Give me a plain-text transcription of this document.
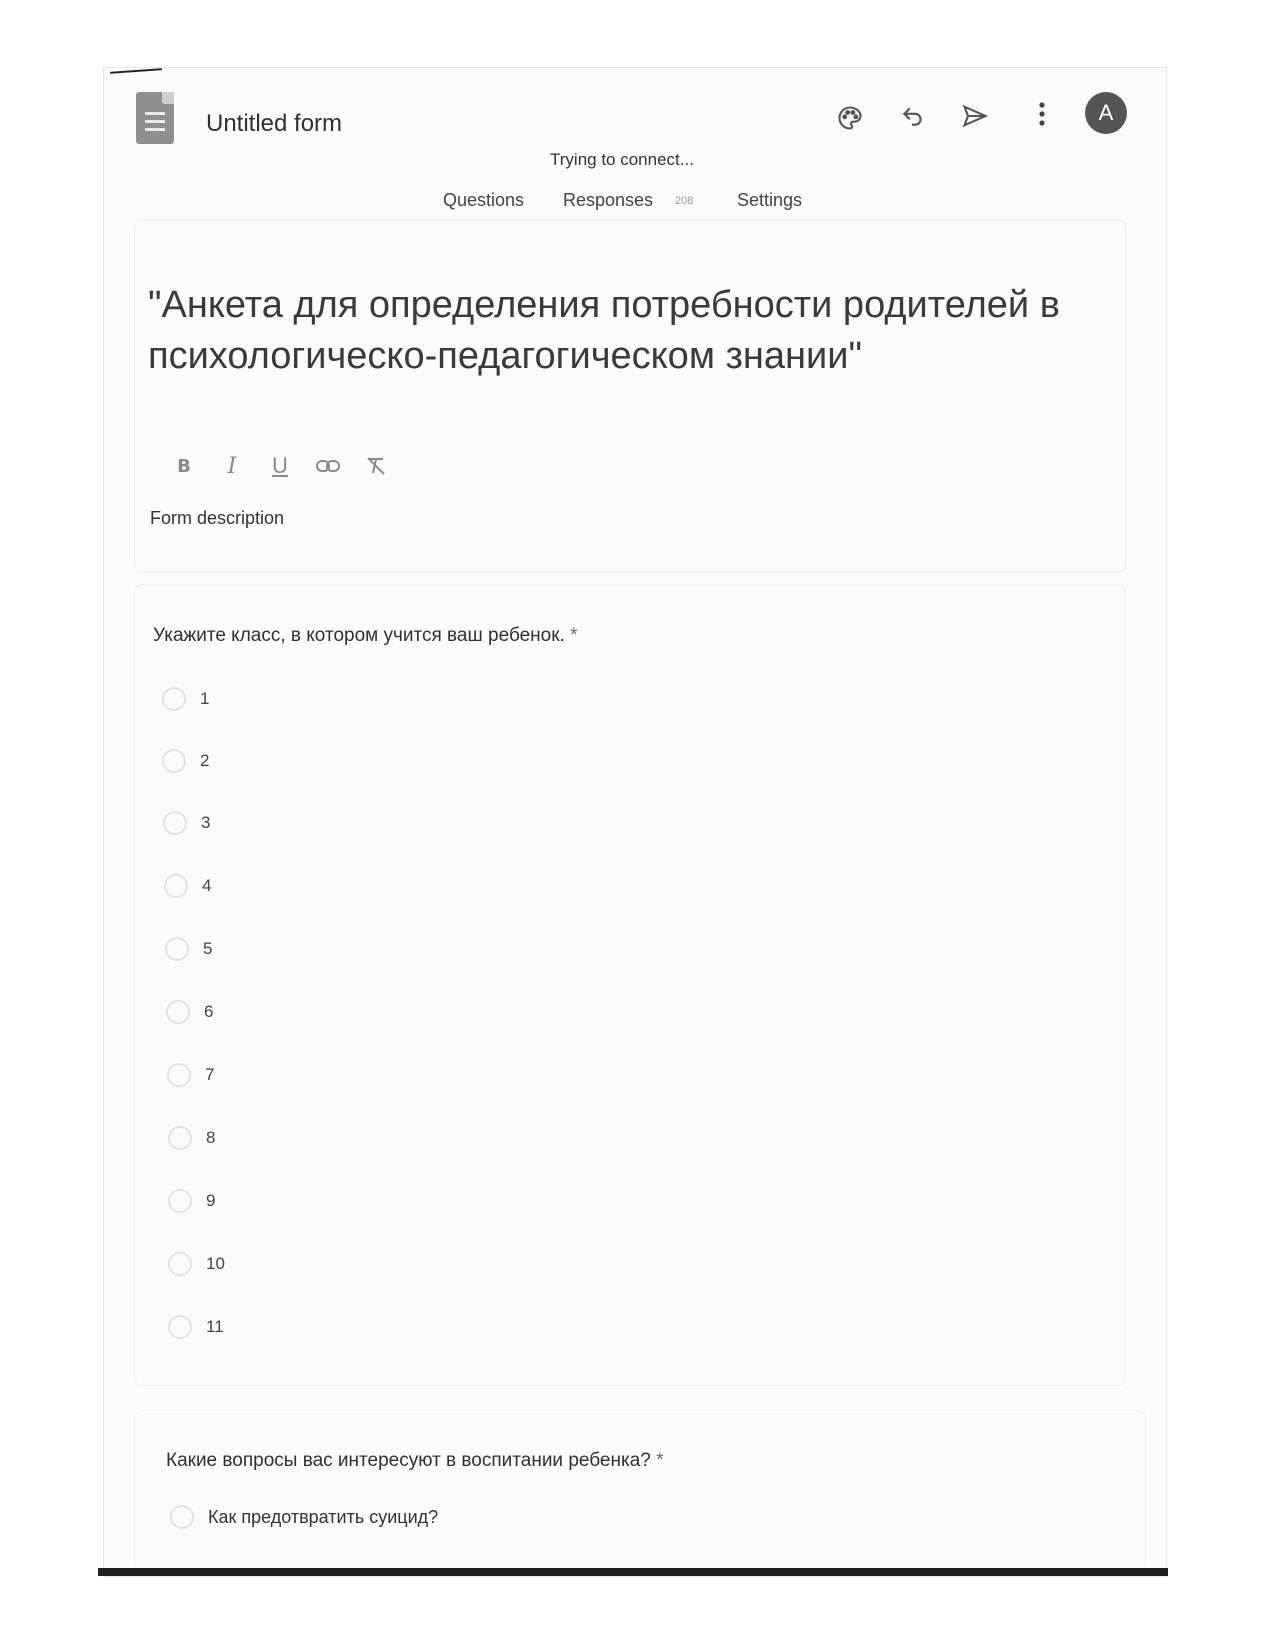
Untitled form
Trying to connect...
A
Questions Responses 208 Settings
"Анкета для определения потребности родителей в психологическо-педагогическом знании"
B	I	U
Form description
Укажите класс, в котором учится ваш ребенок. *
1
2
3
4
5
6
7
8
9
10
11
Какие вопросы вас интересуют в воспитании ребенка? *
Как предотвратить суицид?
